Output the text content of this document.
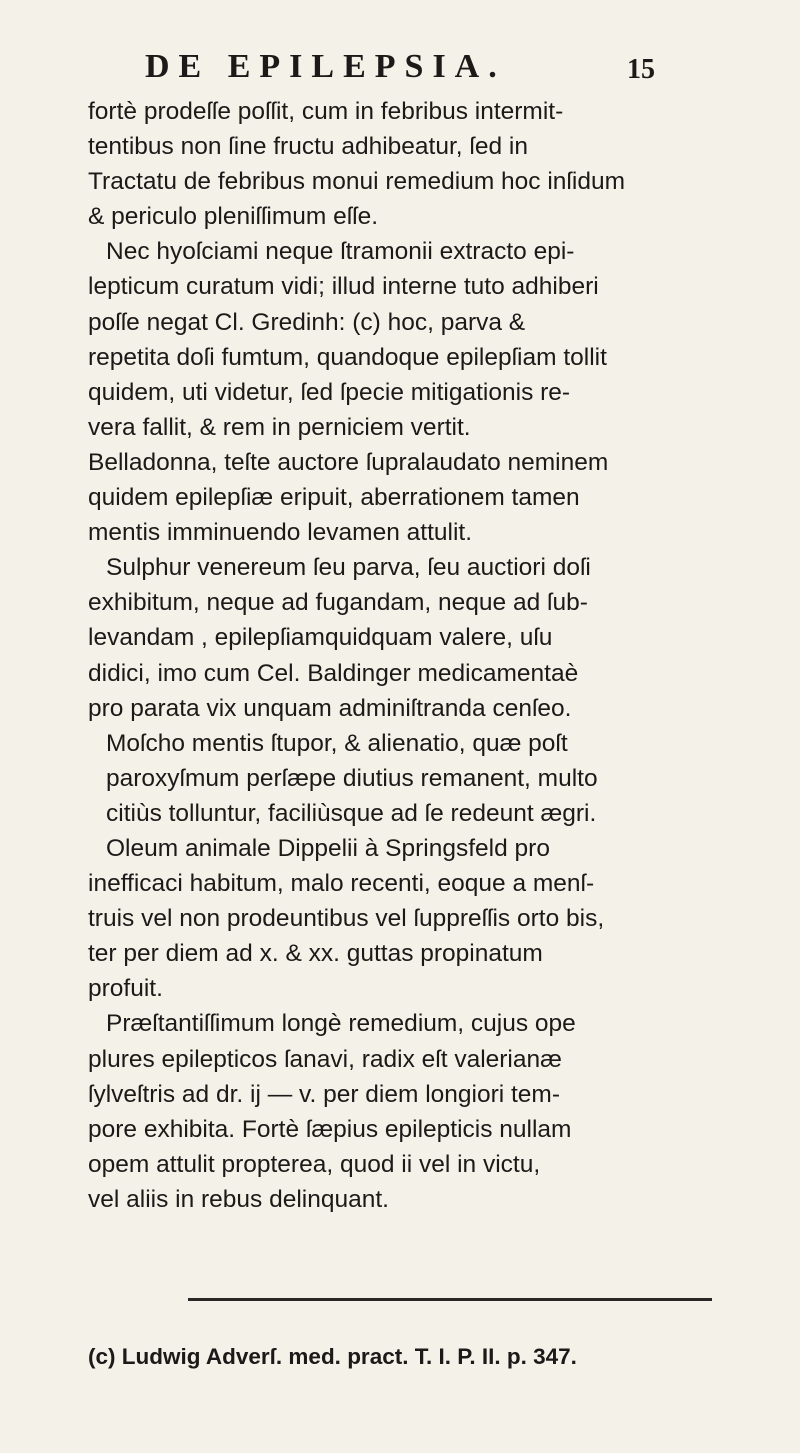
DE EPILEPSIA.	15
fortè prodeſſe poſſit, cum in febribus intermit-
tentibus non ſine fructu adhibeatur, ſed in
Tractatu de febribus monui remedium hoc inſidum
& periculo pleniſſimum eſſe.
Nec hyoſciami neque ſtramonii extracto epi-
lepticum curatum vidi; illud interne tuto adhiberi
poſſe negat Cl. Gredinh: (c) hoc, parva &
repetita doſi fumtum, quandoque epilepſiam tollit
quidem, uti videtur, ſed ſpecie mitigationis re-
vera fallit, & rem in perniciem vertit.
Belladonna, teſte auctore ſupralaudato neminem
quidem epilepſiæ eripuit, aberrationem tamen
mentis imminuendo levamen attulit.
Sulphur venereum ſeu parva, ſeu auctiori doſi
exhibitum, neque ad fugandam, neque ad ſub-
levandam , epilepſiamquidquam valere, uſu
didici, imo cum Cel. Baldinger medicamentaè
pro parata vix unquam adminiſtranda cenſeo.
Moſcho mentis ſtupor, & alienatio, quæ poſt
paroxyſmum perſæpe diutius remanent, multo
citiùs tolluntur, faciliùsque ad ſe redeunt ægri.
Oleum animale Dippelii à Springsfeld pro
inefficaci habitum, malo recenti, eoque a menſ-
truis vel non prodeuntibus vel ſuppreſſis orto bis,
ter per diem ad x. & xx. guttas propinatum
profuit.
Præſtantiſſimum longè remedium, cujus ope
plures epilepticos ſanavi, radix eſt valerianæ
ſylveſtris ad dr. ij — v. per diem longiori tem-
pore exhibita. Fortè ſæpius epilepticis nullam
opem attulit propterea, quod ii vel in victu,
vel aliis in rebus delinquant.
(c) Ludwig Adverſ. med. pract. T. I. P. II. p. 347.
